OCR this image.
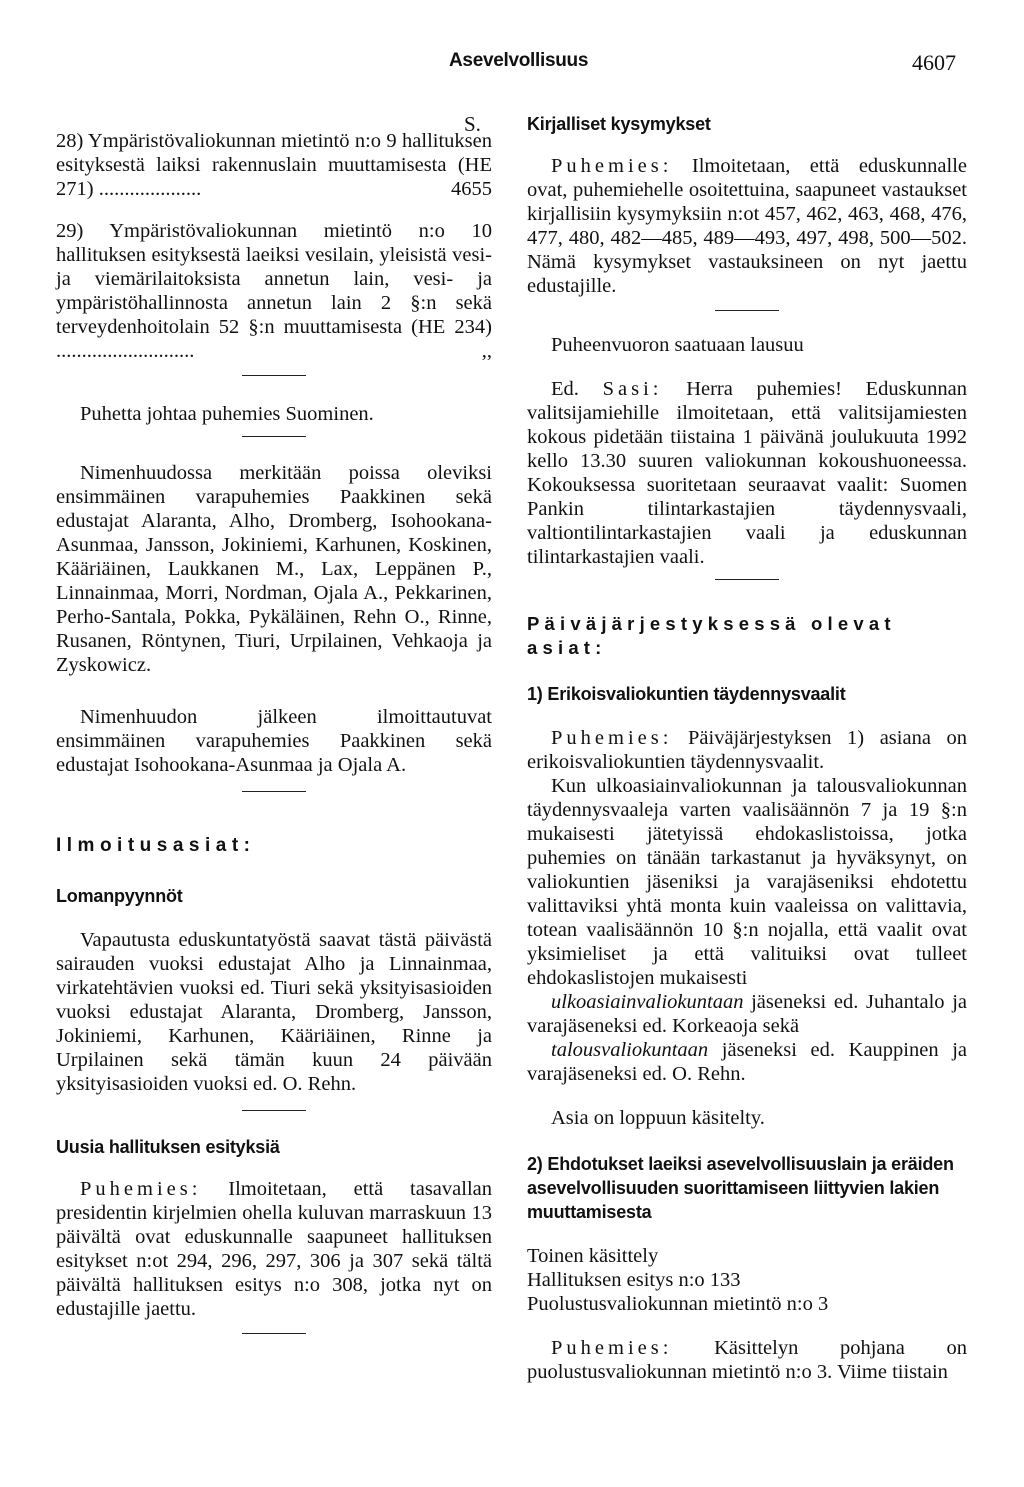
Asevelvollisuus	4607
S.

28) Ympäristövaliokunnan mietintö n:o 9 hallituksen esityksestä laiksi rakennuslain muuttamisesta (HE 271) ....................	4655

29) Ympäristövaliokunnan mietintö n:o 10 hallituksen esityksestä laeiksi vesilain, yleisistä vesi- ja viemärilaitoksista annetun lain, vesi- ja ympäristöhallinnosta annetun lain 2 §:n sekä terveydenhoitolain 52 §:n muuttamisesta (HE 234) ...........................	,,

Puhetta johtaa puhemies Suominen.

Nimenhuudossa merkitään poissa oleviksi ensimmäinen varapuhemies Paakkinen sekä edustajat Alaranta, Alho, Dromberg, Isohookana-Asunmaa, Jansson, Jokiniemi, Karhunen, Koskinen, Kääriäinen, Laukkanen M., Lax, Leppänen P., Linnainmaa, Morri, Nordman, Ojala A., Pekkarinen, Perho-Santala, Pokka, Pykäläinen, Rehn O., Rinne, Rusanen, Röntynen, Tiuri, Urpilainen, Vehkaoja ja Zyskowicz.

Nimenhuudon jälkeen ilmoittautuvat ensimmäinen varapuhemies Paakkinen sekä edustajat Isohookana-Asunmaa ja Ojala A.

Ilmoitusasiat:
Lomanpyynnöt

Vapautusta eduskuntatyöstä saavat tästä päivästä sairauden vuoksi edustajat Alho ja Linnainmaa, virkatehtävien vuoksi ed. Tiuri sekä yksityisasioiden vuoksi edustajat Alaranta, Dromberg, Jansson, Jokiniemi, Karhunen, Kääriäinen, Rinne ja Urpilainen sekä tämän kuun 24 päivään yksityisasioiden vuoksi ed. O. Rehn.

Uusia hallituksen esityksiä

Puhemies: Ilmoitetaan, että tasavallan presidentin kirjelmien ohella kuluvan marraskuun 13 päivältä ovat eduskunnalle saapuneet hallituksen esitykset n:ot 294, 296, 297, 306 ja 307 sekä tältä päivältä hallituksen esitys n:o 308, jotka nyt on edustajille jaettu.

Kirjalliset kysymykset

Puhemies: Ilmoitetaan, että eduskunnalle ovat, puhemiehelle osoitettuina, saapuneet vastaukset kirjallisiin kysymyksiin n:ot 457, 462, 463, 468, 476, 477, 480, 482—485, 489—493, 497, 498, 500—502. Nämä kysymykset vastauksineen on nyt jaettu edustajille.

Puheenvuoron saatuaan lausuu

Ed. Sasi: Herra puhemies! Eduskunnan valitsijamiehille ilmoitetaan, että valitsijamiesten kokous pidetään tiistaina 1 päivänä joulukuuta 1992 kello 13.30 suuren valiokunnan kokoushuoneessa. Kokouksessa suoritetaan seuraavat vaalit: Suomen Pankin tilintarkastajien täydennysvaali, valtiontilintarkastajien vaali ja eduskunnan tilintarkastajien vaali.

Päiväjärjestyksessä olevat asiat:
1) Erikoisvaliokuntien täydennysvaalit

Puhemies: Päiväjärjestyksen 1) asiana on erikoisvaliokuntien täydennysvaalit.

Kun ulkoasiainvaliokunnan ja talousvaliokunnan täydennysvaaleja varten vaalisäännön 7 ja 19 §:n mukaisesti jätetyissä ehdokaslistoissa, jotka puhemies on tänään tarkastanut ja hyväksynyt, on valiokuntien jäseniksi ja varajäseniksi ehdotettu valittaviksi yhtä monta kuin vaaleissa on valittavia, totean vaalisäännön 10 §:n nojalla, että vaalit ovat yksimieliset ja että valituiksi ovat tulleet ehdokaslistojen mukaisesti

ulkoasiainvaliokuntaan jäseneksi ed. Juhantalo ja varajäseneksi ed. Korkeaoja sekä

talousvaliokuntaan jäseneksi ed. Kauppinen ja varajäseneksi ed. O. Rehn.

Asia on loppuun käsitelty.

2) Ehdotukset laeiksi asevelvollisuuslain ja eräiden asevelvollisuuden suorittamiseen liittyvien lakien muuttamisesta
Toinen käsittely
Hallituksen esitys n:o 133
Puolustusvaliokunnan mietintö n:o 3

Puhemies: Käsittelyn pohjana on puolustusvaliokunnan mietintö n:o 3. Viime tiistain
